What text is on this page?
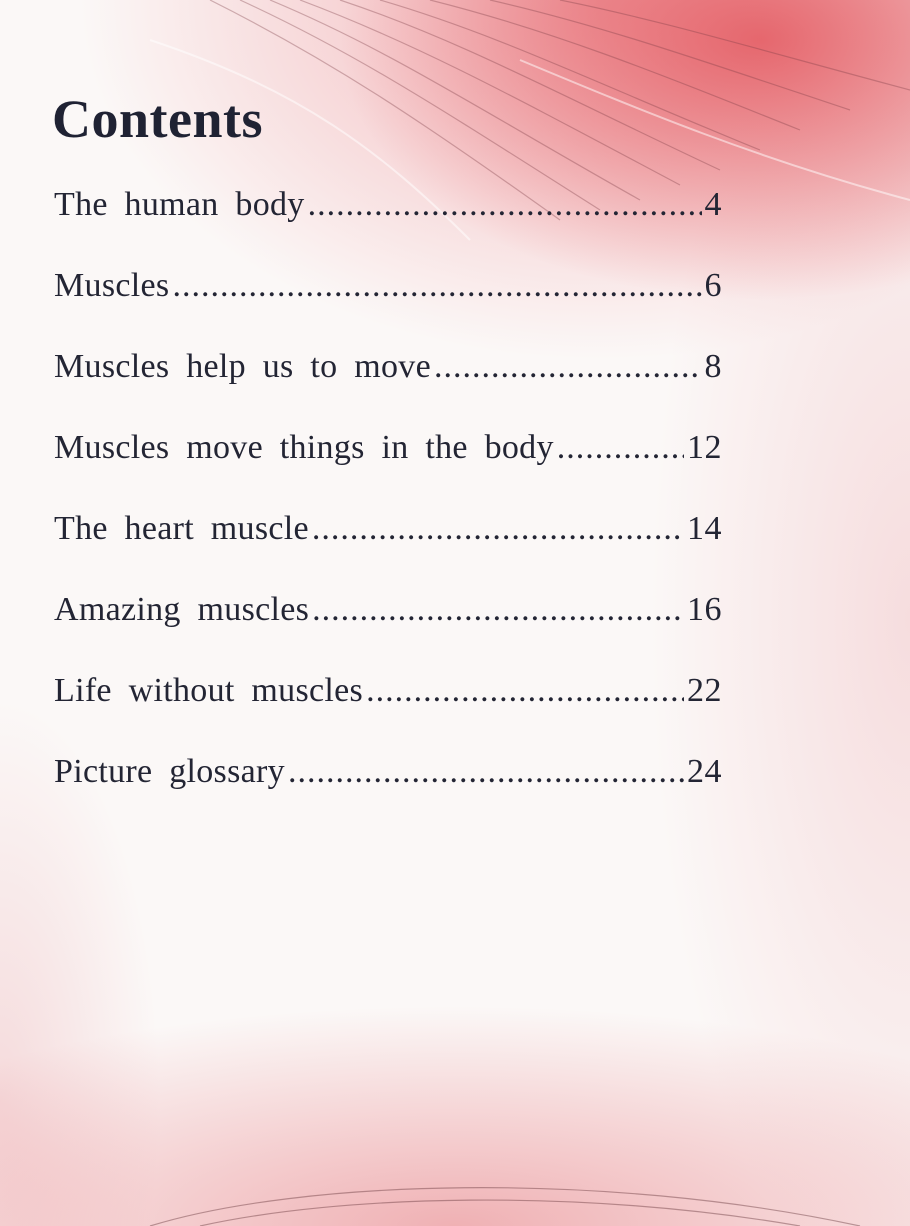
Contents
The human body .....	4
Muscles .....	6
Muscles help us to move .....	8
Muscles move things in the body .....	12
The heart muscle .....	14
Amazing muscles .....	16
Life without muscles .....	22
Picture glossary .....	24
